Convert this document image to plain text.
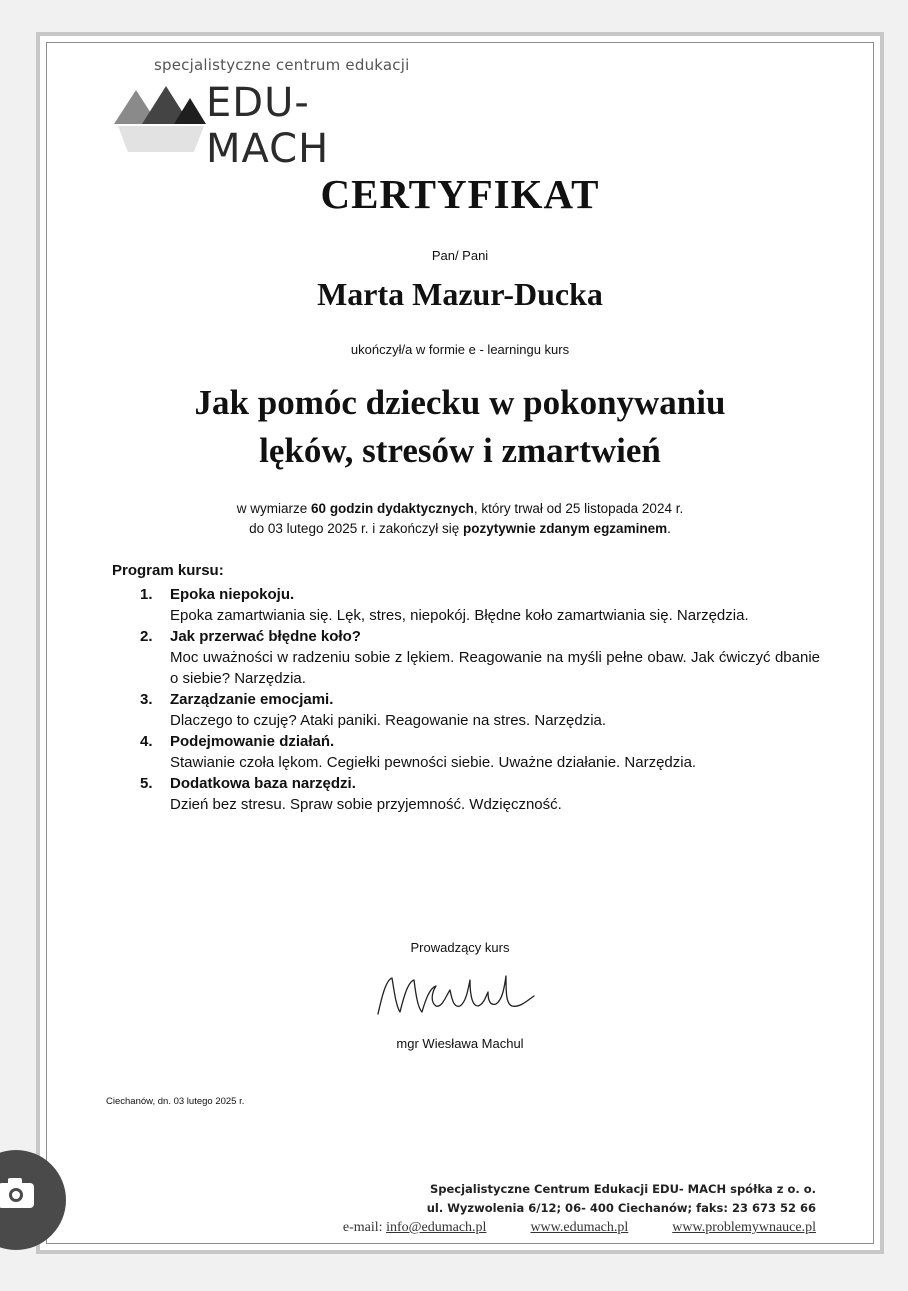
specjalistyczne centrum edukacji
EDU-MACH
CERTYFIKAT
Pan/ Pani
Marta Mazur-Ducka
ukończył/a w formie e - learningu kurs
Jak pomóc dziecku w pokonywaniu
lęków, stresów i zmartwień
w wymiarze 60 godzin dydaktycznych, który trwał od 25 listopada 2024 r.
do 03 lutego 2025 r. i zakończył się pozytywnie zdanym egzaminem.
Program kursu:
1. Epoka niepokoju.
Epoka zamartwiania się. Lęk, stres, niepokój. Błędne koło zamartwiania się. Narzędzia.
2. Jak przerwać błędne koło?
Moc uważności w radzeniu sobie z lękiem. Reagowanie na myśli pełne obaw. Jak ćwiczyć dbanie o siebie? Narzędzia.
3. Zarządzanie emocjami.
Dlaczego to czuję? Ataki paniki. Reagowanie na stres. Narzędzia.
4. Podejmowanie działań.
Stawianie czoła lękom. Cegiełki pewności siebie. Uważne działanie. Narzędzia.
5. Dodatkowa baza narzędzi.
Dzień bez stresu. Spraw sobie przyjemność. Wdzięczność.
Prowadzący kurs
mgr Wiesława Machul
Ciechanów, dn. 03 lutego 2025 r.
Specjalistyczne Centrum Edukacji EDU- MACH spółka z o. o.
ul. Wyzwolenia 6/12; 06- 400 Ciechanów; faks: 23 673 52 66
e-mail: info@edumach.pl	www.edumach.pl	www.problemywnauce.pl
